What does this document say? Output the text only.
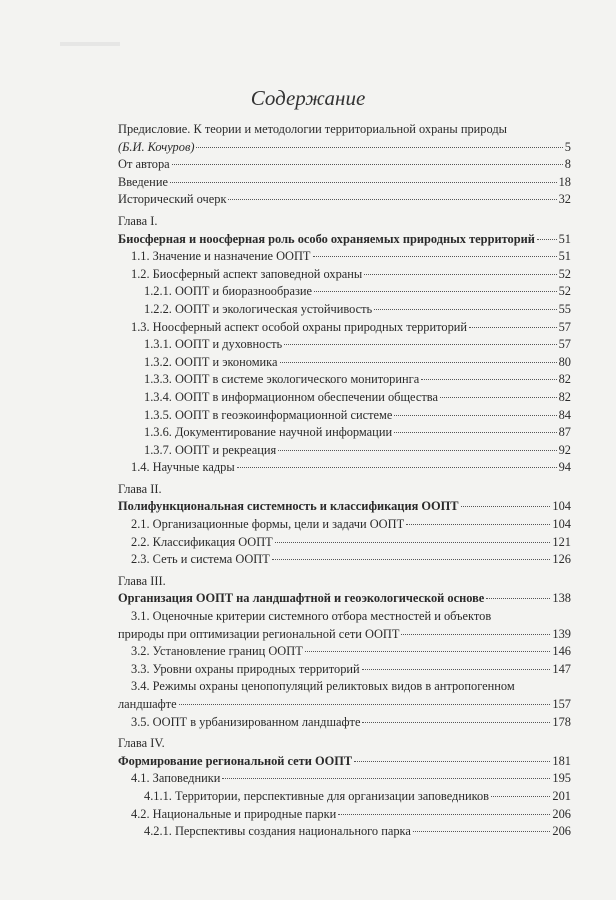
Содержание
Предисловие. К теории и методологии территориальной охраны природы
(Б.И. Кочуров)	5
От автора	8
Введение	18
Исторический очерк	32
Глава I.
Биосферная и ноосферная роль особо охраняемых природных территорий 51
1.1. Значение и назначение ООПТ	51
1.2. Биосферный аспект заповедной охраны	52
1.2.1. ООПТ и биоразнообразие	52
1.2.2. ООПТ и экологическая устойчивость	55
1.3. Ноосферный аспект особой охраны природных территорий	57
1.3.1. ООПТ и духовность	57
1.3.2. ООПТ и экономика	80
1.3.3. ООПТ в системе экологического мониторинга	82
1.3.4. ООПТ в информационном обеспечении общества	82
1.3.5. ООПТ в геоэкоинформационной системе	84
1.3.6. Документирование научной информации	87
1.3.7. ООПТ и рекреация	92
1.4. Научные кадры	94
Глава II.
Полифункциональная системность и классификация ООПТ	104
2.1. Организационные формы, цели и задачи ООПТ	104
2.2. Классификация ООПТ	121
2.3. Сеть и система ООПТ	126
Глава III.
Организация ООПТ на ландшафтной и геоэкологической основе	138
3.1. Оценочные критерии системного отбора местностей и объектов
природы при оптимизации региональной сети ООПТ	139
3.2. Установление границ ООПТ	146
3.3. Уровни охраны природных территорий	147
3.4. Режимы охраны ценопопуляций реликтовых видов в антропогенном
ландшафте	157
3.5. ООПТ в урбанизированном ландшафте	178
Глава IV.
Формирование региональной сети ООПТ	181
4.1. Заповедники	195
4.1.1. Территории, перспективные для организации заповедников	201
4.2. Национальные и природные парки	206
4.2.1. Перспективы создания национального парка	206
